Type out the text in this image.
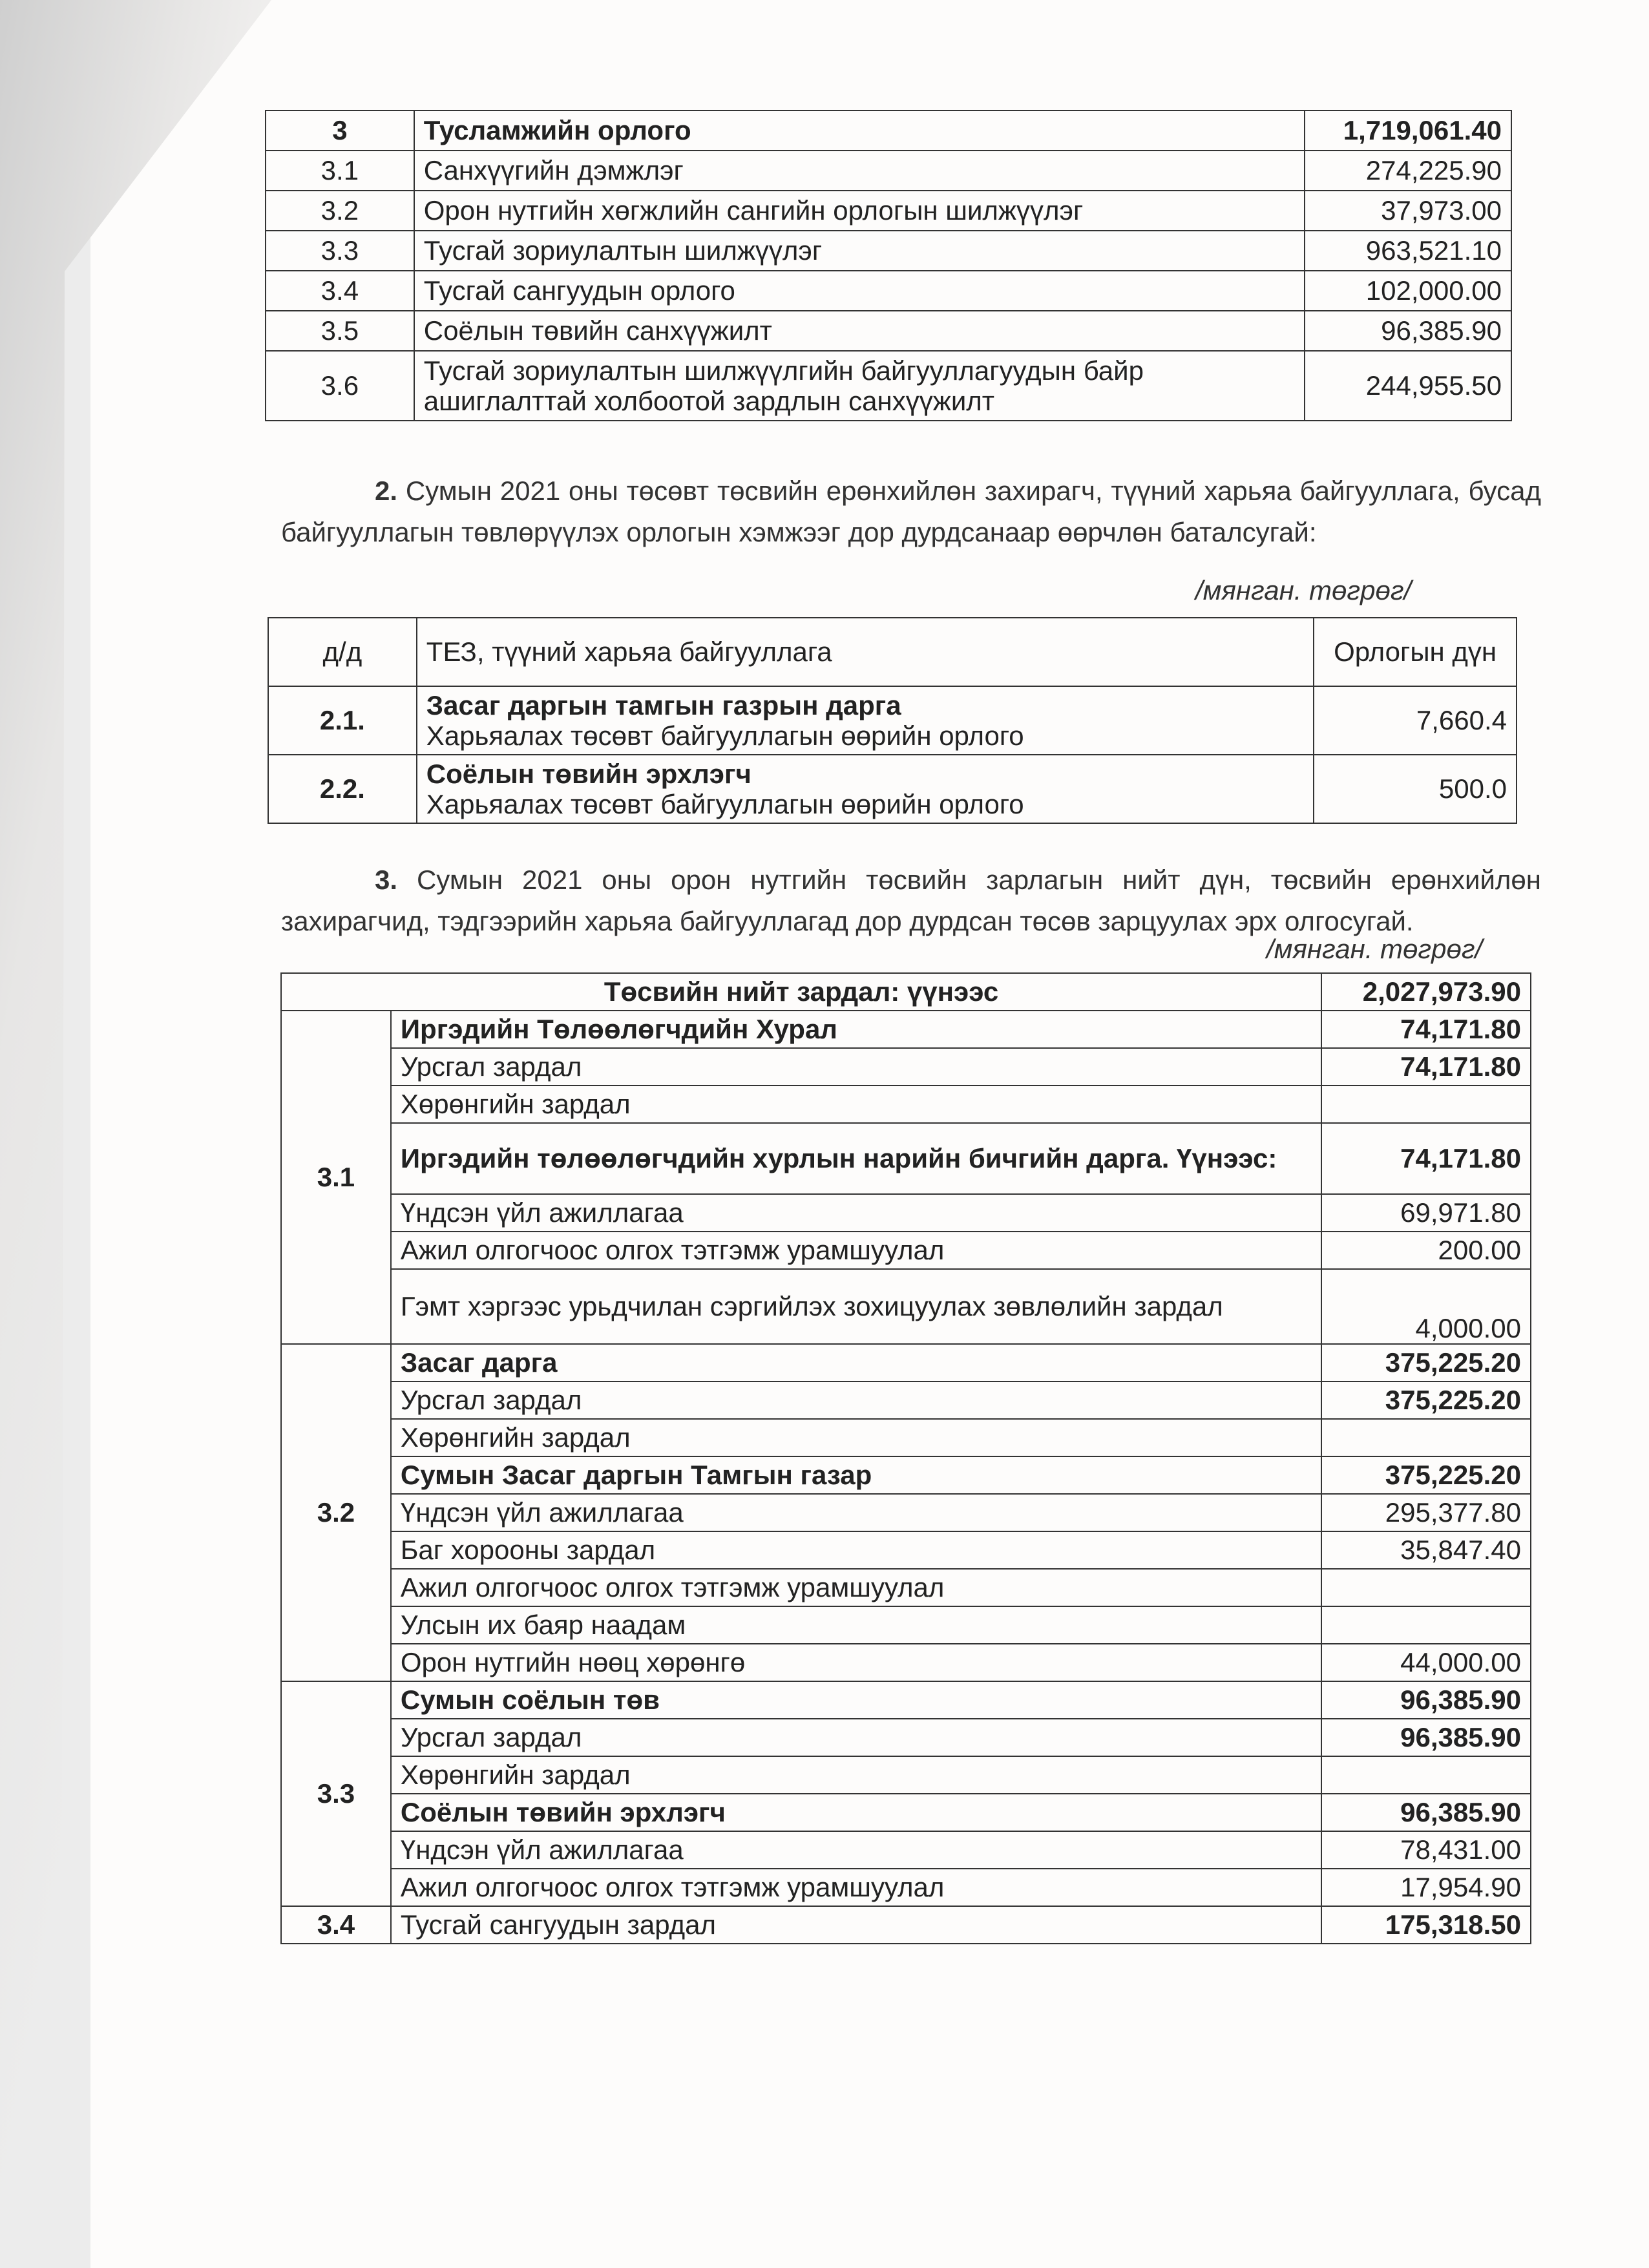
3	Тусламжийн орлого	1,719,061.40
3.1	Санхүүгийн дэмжлэг	274,225.90
3.2	Орон нутгийн хөгжлийн сангийн орлогын шилжүүлэг	37,973.00
3.3	Тусгай зориулалтын шилжүүлэг	963,521.10
3.4	Тусгай сангуудын орлого	102,000.00
3.5	Соёлын төвийн санхүүжилт	96,385.90
3.6	Тусгай зориулалтын шилжүүлгийн байгууллагуудын байр ашиглалттай холбоотой зардлын санхүүжилт	244,955.50
2. Сумын 2021 оны төсөвт төсвийн ерөнхийлөн захирагч, түүний харьяа байгууллага, бусад байгууллагын төвлөрүүлэх орлогын хэмжээг дор дурдсанаар өөрчлөн баталсугай:
/мянган. төгрөг/
д/д	ТЕЗ, түүний харьяа байгууллага	Орлогын дүн
2.1.	Засаг даргын тамгын газрын дарга
Харьяалах төсөвт байгууллагын өөрийн орлого	7,660.4
2.2.	Соёлын төвийн эрхлэгч
Харьяалах төсөвт байгууллагын өөрийн орлого	500.0
3. Сумын 2021 оны орон нутгийн төсвийн зарлагын нийт дүн, төсвийн ерөнхийлөн захирагчид, тэдгээрийн харьяа байгууллагад дор дурдсан төсөв зарцуулах эрх олгосугай.
/мянган. төгрөг/
Төсвийн нийт зардал: үүнээс		2,027,973.90
3.1	Иргэдийн Төлөөлөгчдийн Хурал	74,171.80
	Урсгал зардал	74,171.80
	Хөрөнгийн зардал	
	Иргэдийн төлөөлөгчдийн хурлын нарийн бичгийн дарга. Үүнээс:	74,171.80
	Үндсэн үйл ажиллагаа	69,971.80
	Ажил олгогчоос олгох тэтгэмж урамшуулал	200.00
	Гэмт хэргээс урьдчилан сэргийлэх зохицуулах зөвлөлийн зардал	4,000.00
3.2	Засаг дарга	375,225.20
	Урсгал зардал	375,225.20
	Хөрөнгийн зардал	
	Сумын Засаг даргын Тамгын газар	375,225.20
	Үндсэн үйл ажиллагаа	295,377.80
	Баг хорооны зардал	35,847.40
	Ажил олгогчоос олгох тэтгэмж урамшуулал	
	Улсын их баяр наадам	
	Орон нутгийн нөөц хөрөнгө	44,000.00
3.3	Сумын соёлын төв	96,385.90
	Урсгал зардал	96,385.90
	Хөрөнгийн зардал	
	Соёлын төвийн эрхлэгч	96,385.90
	Үндсэн үйл ажиллагаа	78,431.00
	Ажил олгогчоос олгох тэтгэмж урамшуулал	17,954.90
3.4	Тусгай сангуудын зардал	175,318.50
